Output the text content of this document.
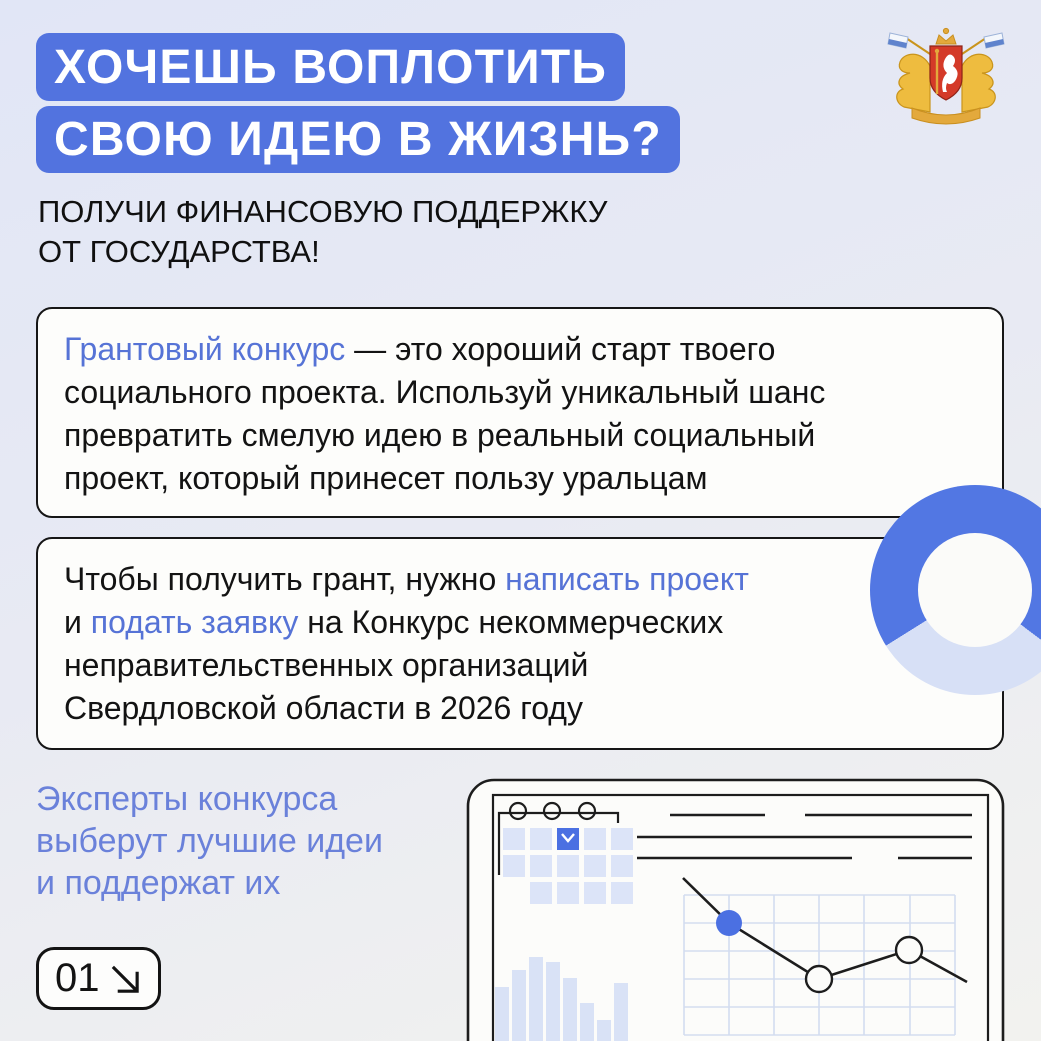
ХОЧЕШЬ ВОПЛОТИТЬ
СВОЮ ИДЕЮ В ЖИЗНЬ?
ПОЛУЧИ ФИНАНСОВУЮ ПОДДЕРЖКУ
ОТ ГОСУДАРСТВА!
Грантовый конкурс — это хороший старт твоего
социального проекта. Используй уникальный шанс
превратить смелую идею в реальный социальный
проект, который принесет пользу уральцам
Чтобы получить грант, нужно написать проект
и подать заявку на Конкурс некоммерческих
неправительственных организаций
Свердловской области в 2026 году
Эксперты конкурса
выберут лучшие идеи
и поддержат их
01
